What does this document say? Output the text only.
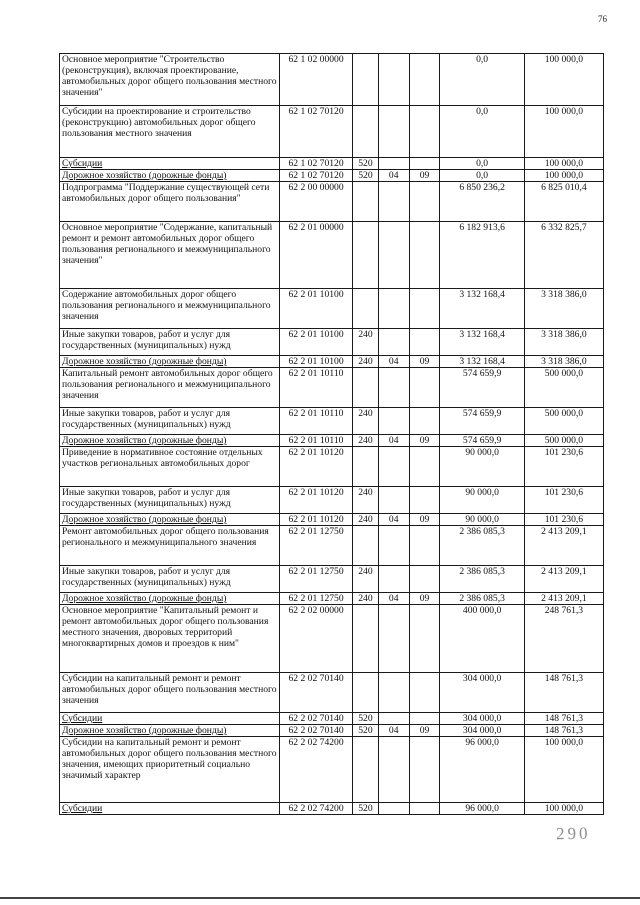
76
Основное мероприятие "Строительство (реконструкция), включая проектирование, автомобильных дорог общего пользования местного значения"	62 1 02 00000				0,0	100 000,0
Субсидии на проектирование и строительство (реконструкцию) автомобильных дорог общего пользования местного значения	62 1 02 70120				0,0	100 000,0
Субсидии	62 1 02 70120	520			0,0	100 000,0
Дорожное хозяйство (дорожные фонды)	62 1 02 70120	520	04	09	0,0	100 000,0
Подпрограмма "Поддержание существующей сети автомобильных дорог общего пользования"	62 2 00 00000				6 850 236,2	6 825 010,4
Основное мероприятие "Содержание, капитальный ремонт и ремонт автомобильных дорог общего пользования регионального и межмуниципального значения"	62 2 01 00000				6 182 913,6	6 332 825,7
Содержание автомобильных дорог общего пользования регионального и межмуниципального значения	62 2 01 10100				3 132 168,4	3 318 386,0
Иные закупки товаров, работ и услуг для государственных (муниципальных) нужд	62 2 01 10100	240			3 132 168,4	3 318 386,0
Дорожное хозяйство (дорожные фонды)	62 2 01 10100	240	04	09	3 132 168,4	3 318 386,0
Капитальный ремонт автомобильных дорог общего пользования регионального и межмуниципального значения	62 2 01 10110				574 659,9	500 000,0
Иные закупки товаров, работ и услуг для государственных (муниципальных) нужд	62 2 01 10110	240			574 659,9	500 000,0
Дорожное хозяйство (дорожные фонды)	62 2 01 10110	240	04	09	574 659,9	500 000,0
Приведение в нормативное состояние отдельных участков региональных автомобильных дорог	62 2 01 10120				90 000,0	101 230,6
Иные закупки товаров, работ и услуг для государственных (муниципальных) нужд	62 2 01 10120	240			90 000,0	101 230,6
Дорожное хозяйство (дорожные фонды)	62 2 01 10120	240	04	09	90 000,0	101 230,6
Ремонт автомобильных дорог общего пользования регионального и межмуниципального значения	62 2 01 12750				2 386 085,3	2 413 209,1
Иные закупки товаров, работ и услуг для государственных (муниципальных) нужд	62 2 01 12750	240			2 386 085,3	2 413 209,1
Дорожное хозяйство (дорожные фонды)	62 2 01 12750	240	04	09	2 386 085,3	2 413 209,1
Основное мероприятие "Капитальный ремонт и ремонт автомобильных дорог общего пользования местного значения, дворовых территорий многоквартирных домов и проездов к ним"	62 2 02 00000				400 000,0	248 761,3
Субсидии на капитальный ремонт и ремонт автомобильных дорог общего пользования местного значения	62 2 02 70140				304 000,0	148 761,3
Субсидии	62 2 02 70140	520			304 000,0	148 761,3
Дорожное хозяйство (дорожные фонды)	62 2 02 70140	520	04	09	304 000,0	148 761,3
Субсидии на капитальный ремонт и ремонт автомобильных дорог общего пользования местного значения, имеющих приоритетный социально значимый характер	62 2 02 74200				96 000,0	100 000,0
Субсидии	62 2 02 74200	520			96 000,0	100 000,0
290
